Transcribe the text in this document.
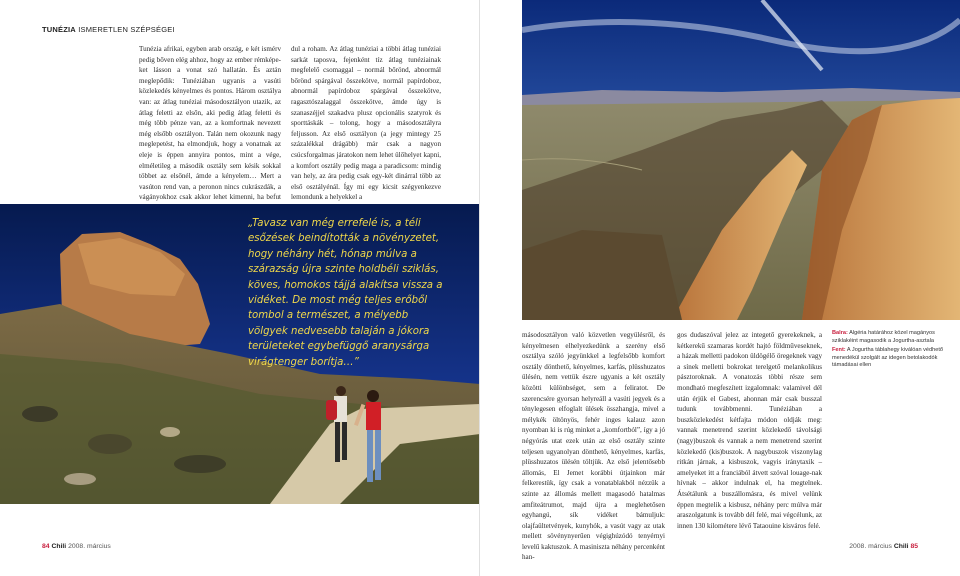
TUNÉZIA ISMERETLEN SZÉPSÉGEI

Tunézia afrikai, egyben arab ország, e két ismérv pedig bőven elég ahhoz, hogy az ember rémképe-ket lásson a vonat szó hallatán. És aztán meglepődik: Tunéziában ugyanis a vasúti közlekedés kényelmes és pontos. Három osztálya van: az átlag tunéziai másodosztályon utazik, az átlag feletti az elsőn, aki pedig átlag feletti és még több pénze van, az a komfortnak nevezett még elsőbb osztályon. Talán nem okozunk nagy meglepetést, ha elmondjuk, hogy a vonatnak az eleje is éppen annyira pontos, mint a vége, elméletileg a második osztály sem késik sokkal többet az elsőnél, ámde a kényelem… Mert a vasúton rend van, a peronon nincs cukrászdák, a vágányokhoz csak akkor lehet kimenni, ha befut

dul a roham. Az átlag tunéziai a többi átlag tunéziai sarkát taposva, fejenként tíz átlag tunéziainak megfelelő csomaggal – normál bőrönd, abnormál bőrönd spárgával összekötve, normál papírdoboz, abnormál papírdoboz spárgával összekötve, ragasztószalaggal összekötve, ámde úgy is szanaszéjjel szakadva plusz opcionális szatyrok és sporttáskák – tolong, hogy a másodosztályra feljusson. Az első osztályon (a jegy mintegy 25 százalékkal drágább) már csak a nagyon csúcsforgalmas járatokon nem lehet ülőhelyet kapni, a komfort osztály pedig maga a paradicsom: mindig van hely, az ára pedig csak egy-két dinárral több az első osztályénál. Így mi egy kicsit szégyenkezve lemondunk a helyekkel a

„Tavasz van még errefelé is, a téli esőzések beindították a növényzetet, hogy néhány hét, hónap múlva a szárazság újra szinte holdbéli sziklás, köves, homokos tájjá alakítsa vissza a vidéket. De most még teljes erőből tombol a természet, a mélyebb völgyek nedvesebb talaján a jókora területeket egybefüggő aranysárga virágtenger borítja…”
84 Chili 2008. március

másodosztályon való közvetlen vegyülésről, és kényelmesen elhelyezkedünk a szerény első osztálya szóló jegyünkkel a legfelsőbb komfort osztály dönthető, kényelmes, karfás, plüsshuzatos ülésén, nem vettük észre ugyanis a két osztály közötti különbséget, sem a feliratot. De szerencsére gyorsan helyreáll a vasúti jegyek és a ténylegesen elfoglalt ülések összhangja, mivel a mélykék öltönyös, fehér inges kalauz azon nyomban ki is rúg minket a „komfortból”, így a jó négyórás utat ezek után az első osztály szinte teljesen ugyanolyan dönthető, kényelmes, karfás, plüsshuzatos ülésén töltjük. Az első jelentősebb állomás, El Jemet korábbi útjainkon már felkerestük, így csak a vonatablakból nézzük a szinte az állomás mellett magasodó hatalmas amfiteátrumot, majd újra a meglehetősen egyhangú, sík vidéket bámuljuk: olajfaültetvények, kunyhók, a vasút vagy az utak mellett sövénynyerűen végighúzódó tenyérnyi levelű kaktuszok. A masinisztа néhány percenként han-

gos dudaszóval jelez az integető gyerekeknek, a kétkerekű szamaras kordét hajtó földműveseknek, a házak melletti padokon üldögélő öregeknek vagy a sínek melletti bokrokat terelgető melankolikus pásztoroknak. A vonatozás többi része sem mondható megfeszített izgalomnak: valamivel dél után érjük el Gabest, ahonnan már csak busszal tudunk továbbmenni. Tunéziában a buszközlekedést kétfajta módon oldják meg: vannak menetrend szerint közlekedő távolsági (nagy)buszok és vannak a nem menetrend szerint közlekedő (kis)buszok. A nagybuszok viszonylag ritkán járnak, a kisbuszok, vagyis iránytaxik – amelyeket itt a franciából átvett szóval louage-nak hívnak – akkor indulnak el, ha megtelnek. Átsétálunk a buszállomásra, és mivel velünk éppen megtelik a kisbusz, néhány perc múlva már araszolgatunk is tovább dél felé, mai végcélunk, az innen 130 kilométere lévő Tataouine kisváros felé.

Balra: Algéria határához közel magányos sziklakéint magasodik a Jogurtha-asztala

Fent: A Jogurtha táblahegy kiválóan védhető menedékül szolgált az idegen betolakodók támadásai ellen

2008. március Chili 85
